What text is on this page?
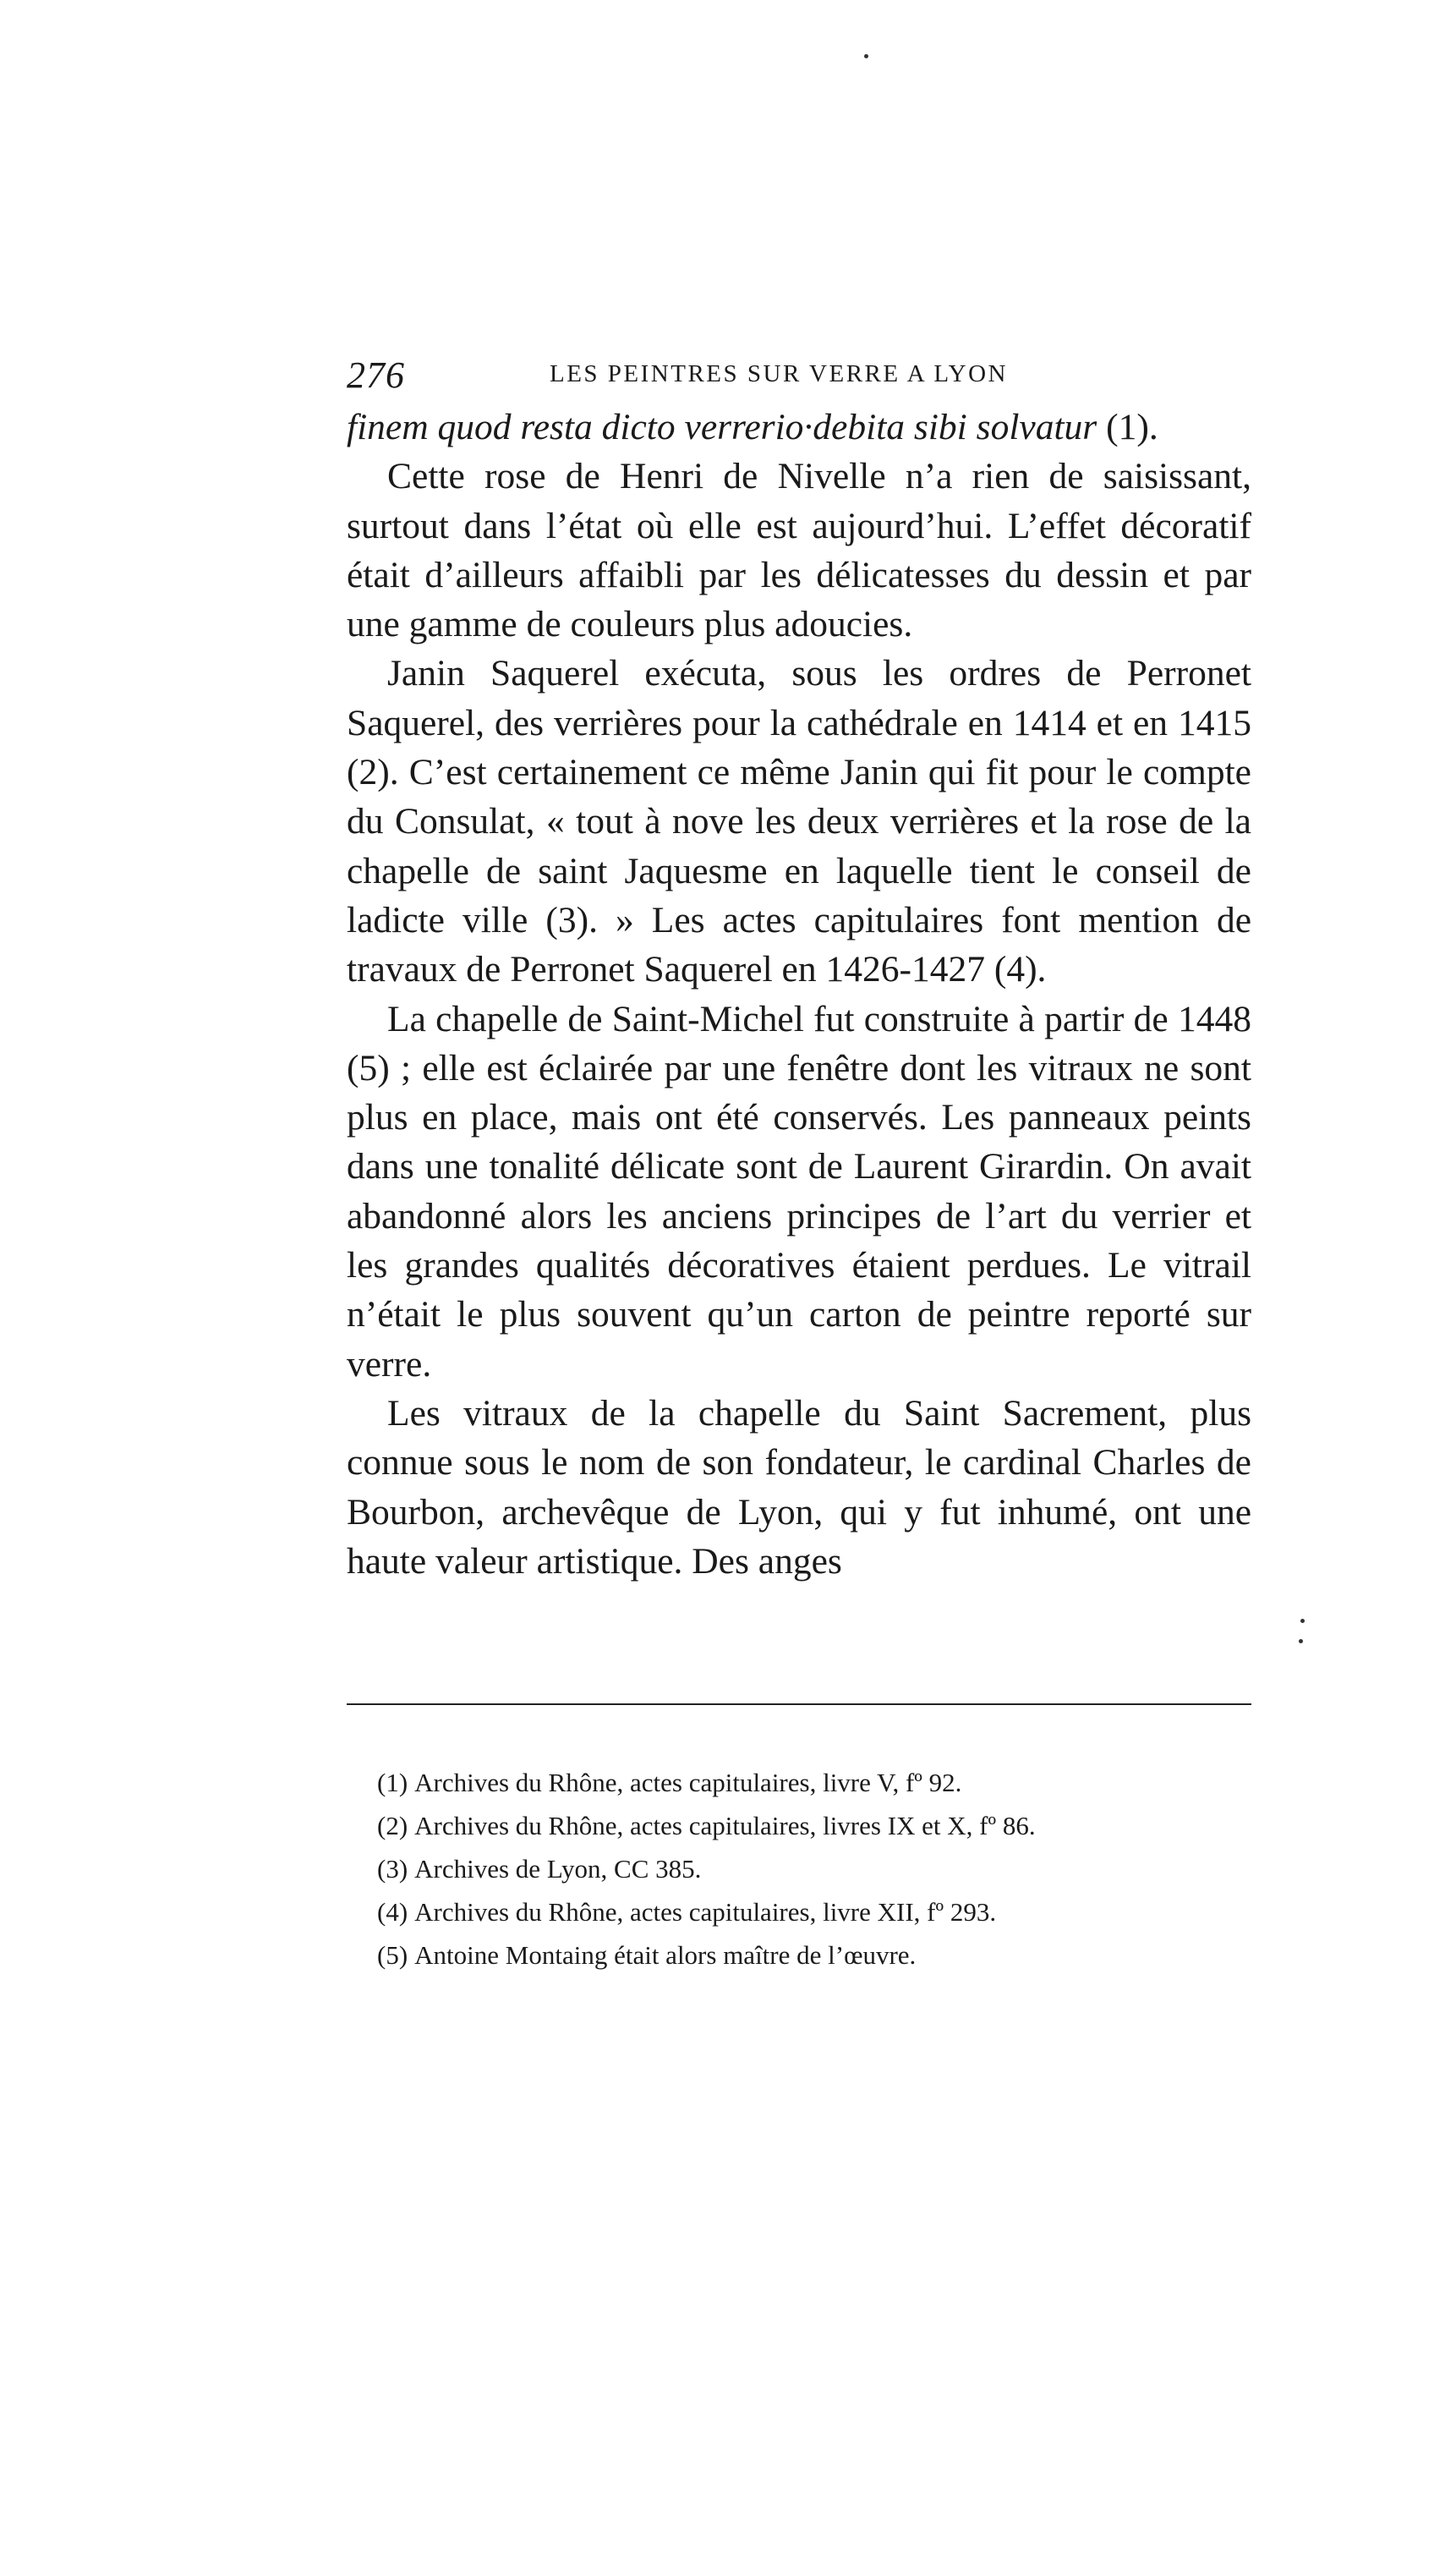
276	LES PEINTRES SUR VERRE A LYON

finem quod resta dicto verrerio·debita sibi solvatur (1).

Cette rose de Henri de Nivelle n’a rien de saisissant, surtout dans l’état où elle est aujourd’hui. L’effet décoratif était d’ailleurs affaibli par les délicatesses du dessin et par une gamme de couleurs plus adoucies.

Janin Saquerel exécuta, sous les ordres de Perronet Saquerel, des verrières pour la cathédrale en 1414 et en 1415 (2). C’est certainement ce même Janin qui fit pour le compte du Consulat, « tout à nove les deux verrières et la rose de la chapelle de saint Jaquesme en laquelle tient le conseil de ladicte ville (3). » Les actes capitulaires font mention de travaux de Perronet Saquerel en 1426-1427 (4).

La chapelle de Saint-Michel fut construite à partir de 1448 (5) ; elle est éclairée par une fenêtre dont les vitraux ne sont plus en place, mais ont été conservés. Les panneaux peints dans une tonalité délicate sont de Laurent Girardin. On avait abandonné alors les anciens principes de l’art du verrier et les grandes qualités décoratives étaient perdues. Le vitrail n’était le plus souvent qu’un carton de peintre reporté sur verre.

Les vitraux de la chapelle du Saint Sacrement, plus connue sous le nom de son fondateur, le cardinal Charles de Bourbon, archevêque de Lyon, qui y fut inhumé, ont une haute valeur artistique. Des anges

(1) Archives du Rhône, actes capitulaires, livre V, fº 92.
(2) Archives du Rhône, actes capitulaires, livres IX et X, fº 86.
(3) Archives de Lyon, CC 385.
(4) Archives du Rhône, actes capitulaires, livre XII, fº 293.
(5) Antoine Montaing était alors maître de l’œuvre.
